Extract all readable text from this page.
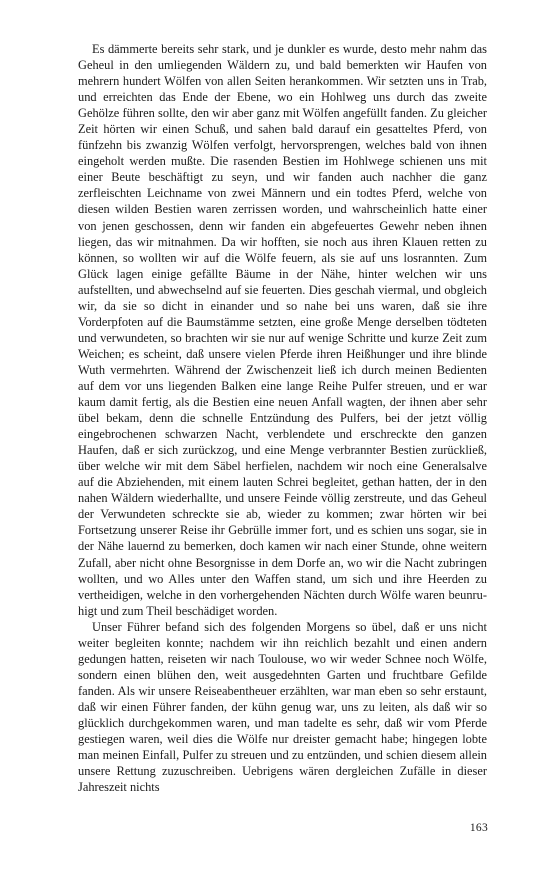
Es dämmerte bereits sehr stark, und je dunkler es wurde, desto mehr nahm das Geheul in den umliegenden Wäldern zu, und bald bemerkten wir Haufen von mehrern hundert Wölfen von allen Seiten herankommen. Wir setzten uns in Trab, und erreichten das Ende der Ebene, wo ein Hohlweg uns durch das zweite Gehölze führen sollte, den wir aber ganz mit Wölfen angefüllt fanden. Zu gleicher Zeit hörten wir einen Schuß, und sahen bald darauf ein gesatteltes Pferd, von fünfzehn bis zwanzig Wölfen verfolgt, hervorsprengen, welches bald von ihnen eingeholt werden mußte. Die rasenden Bestien im Hohlwege schienen uns mit einer Beute beschäftigt zu seyn, und wir fanden auch nachher die ganz zerfleischten Leichname von zwei Männern und ein todtes Pferd, welche von diesen wilden Bestien waren zerrissen worden, und wahrscheinlich hatte einer von jenen geschossen, denn wir fanden ein abgefeuertes Gewehr neben ihnen liegen, das wir mitnahmen. Da wir hofften, sie noch aus ihren Klauen retten zu können, so wollten wir auf die Wölfe feuern, als sie auf uns losrannten. Zum Glück lagen einige gefällte Bäume in der Nähe, hinter welchen wir uns aufstellten, und abwechselnd auf sie feuerten. Dies geschah viermal, und obgleich wir, da sie so dicht in einander und so nahe bei uns waren, daß sie ihre Vorderpfoten auf die Baumstämme setzten, eine große Menge derselben tödteten und verwundeten, so brachten wir sie nur auf wenige Schritte und kurze Zeit zum Weichen; es scheint, daß unsere vielen Pferde ihren Heißhunger und ihre blinde Wuth vermehrten. Während der Zwischenzeit ließ ich durch meinen Bedienten auf dem vor uns liegenden Balken eine lange Reihe Pulfer streuen, und er war kaum damit fertig, als die Bestien eine neuen Anfall wagten, der ihnen aber sehr übel bekam, denn die schnelle Entzündung des Pulfers, bei der jetzt völlig eingebrochenen schwarzen Nacht, verblendete und erschreckte den ganzen Haufen, daß er sich zurückzog, und eine Menge verbrannter Bestien zurückließ, über welche wir mit dem Säbel herfielen, nachdem wir noch eine Generalsalve auf die Abziehenden, mit einem lauten Schrei begleitet, gethan hatten, der in den nahen Wäldern wiederhallte, und unsere Feinde völlig zerstreute, und das Geheul der Verwundeten schreckte sie ab, wieder zu kommen; zwar hörten wir bei Fortsetzung unserer Reise ihr Gebrülle immer fort, und es schien uns sogar, sie in der Nähe lauernd zu bemerken, doch kamen wir nach einer Stunde, ohne weitern Zufall, aber nicht ohne Besorgnisse in dem Dorfe an, wo wir die Nacht zubringen wollten, und wo Alles unter den Waffen stand, um sich und ihre Heerden zu vertheidigen, welche in den vorhergehenden Nächten durch Wölfe waren beunruhigt und zum Theil beschädiget worden.

Unser Führer befand sich des folgenden Morgens so übel, daß er uns nicht weiter begleiten konnte; nachdem wir ihn reichlich bezahlt und einen andern gedungen hatten, reiseten wir nach Toulouse, wo wir weder Schnee noch Wölfe, sondern einen blühen den, weit ausgedehnten Garten und fruchtbare Gefilde fanden. Als wir unsere Reiseabentheuer erzählten, war man eben so sehr erstaunt, daß wir einen Führer fanden, der kühn genug war, uns zu leiten, als daß wir so glücklich durchgekommen waren, und man tadelte es sehr, daß wir vom Pferde gestiegen waren, weil dies die Wölfe nur dreister gemacht habe; hingegen lobte man meinen Einfall, Pulfer zu streuen und zu entzünden, und schien diesem allein unsere Rettung zuzuschreiben. Uebrigens wären dergleichen Zufälle in dieser Jahreszeit nichts

163
